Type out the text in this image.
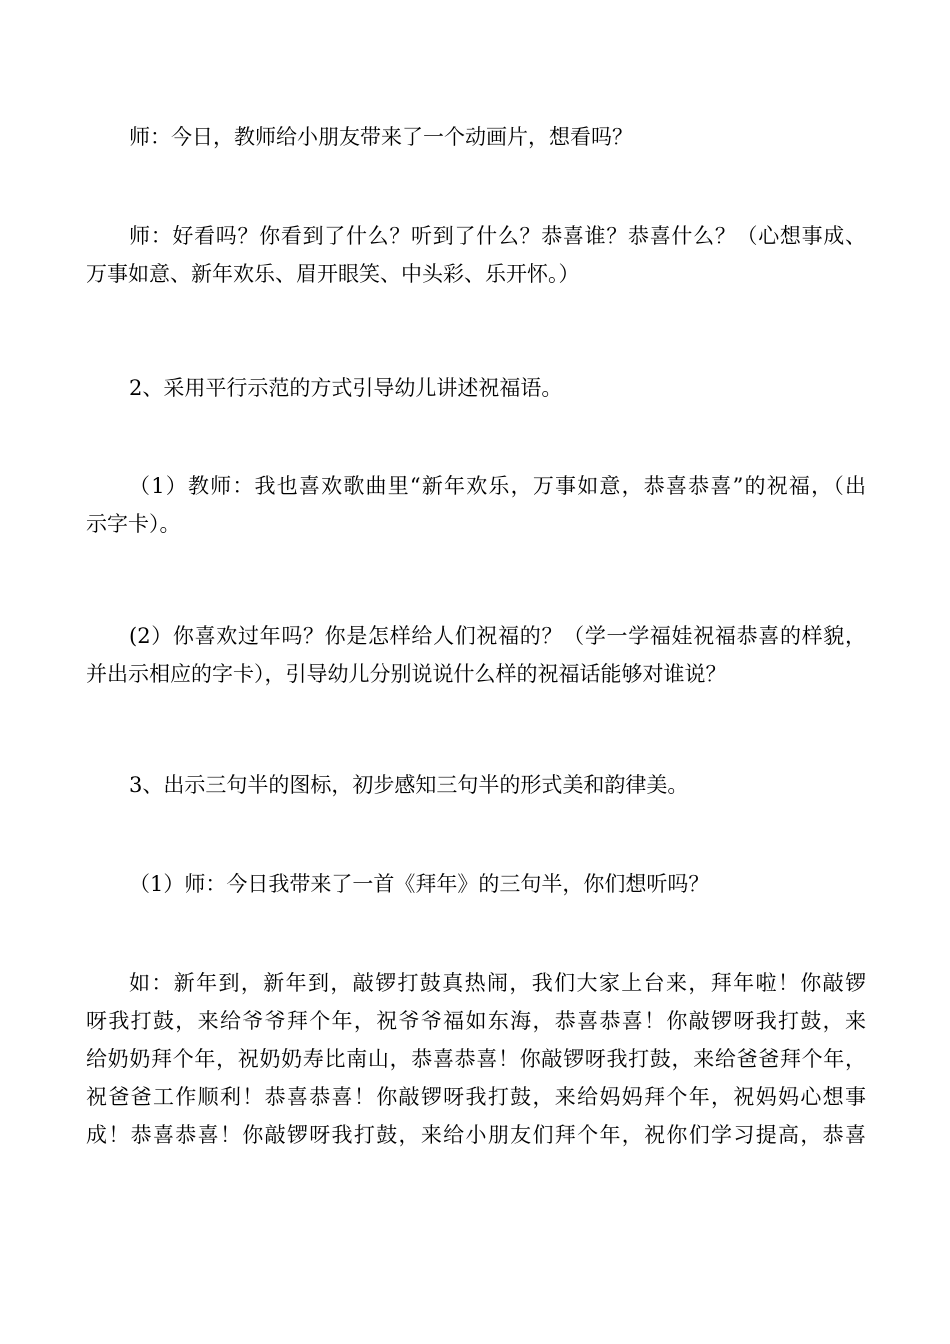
师：今日，教师给小朋友带来了一个动画片，想看吗？

师：好看吗？你看到了什么？听到了什么？恭喜谁？恭喜什么？（心想事成、
万事如意、新年欢乐、眉开眼笑、中头彩、乐开怀。）

2、采用平行示范的方式引导幼儿讲述祝福语。

（1）教师：我也喜欢歌曲里“新年欢乐，万事如意，恭喜恭喜”的祝福，（出
示字卡）。

(2）你喜欢过年吗？你是怎样给人们祝福的？（学一学福娃祝福恭喜的样貌，
并出示相应的字卡），引导幼儿分别说说什么样的祝福话能够对谁说？

3、出示三句半的图标，初步感知三句半的形式美和韵律美。

（1）师：今日我带来了一首《拜年》的三句半，你们想听吗？

如：新年到，新年到，敲锣打鼓真热闹，我们大家上台来，拜年啦！你敲锣
呀我打鼓，来给爷爷拜个年，祝爷爷福如东海，恭喜恭喜！你敲锣呀我打鼓，来
给奶奶拜个年，祝奶奶寿比南山，恭喜恭喜！你敲锣呀我打鼓，来给爸爸拜个年，
祝爸爸工作顺利！恭喜恭喜！你敲锣呀我打鼓，来给妈妈拜个年，祝妈妈心想事
成！恭喜恭喜！你敲锣呀我打鼓，来给小朋友们拜个年，祝你们学习提高，恭喜
